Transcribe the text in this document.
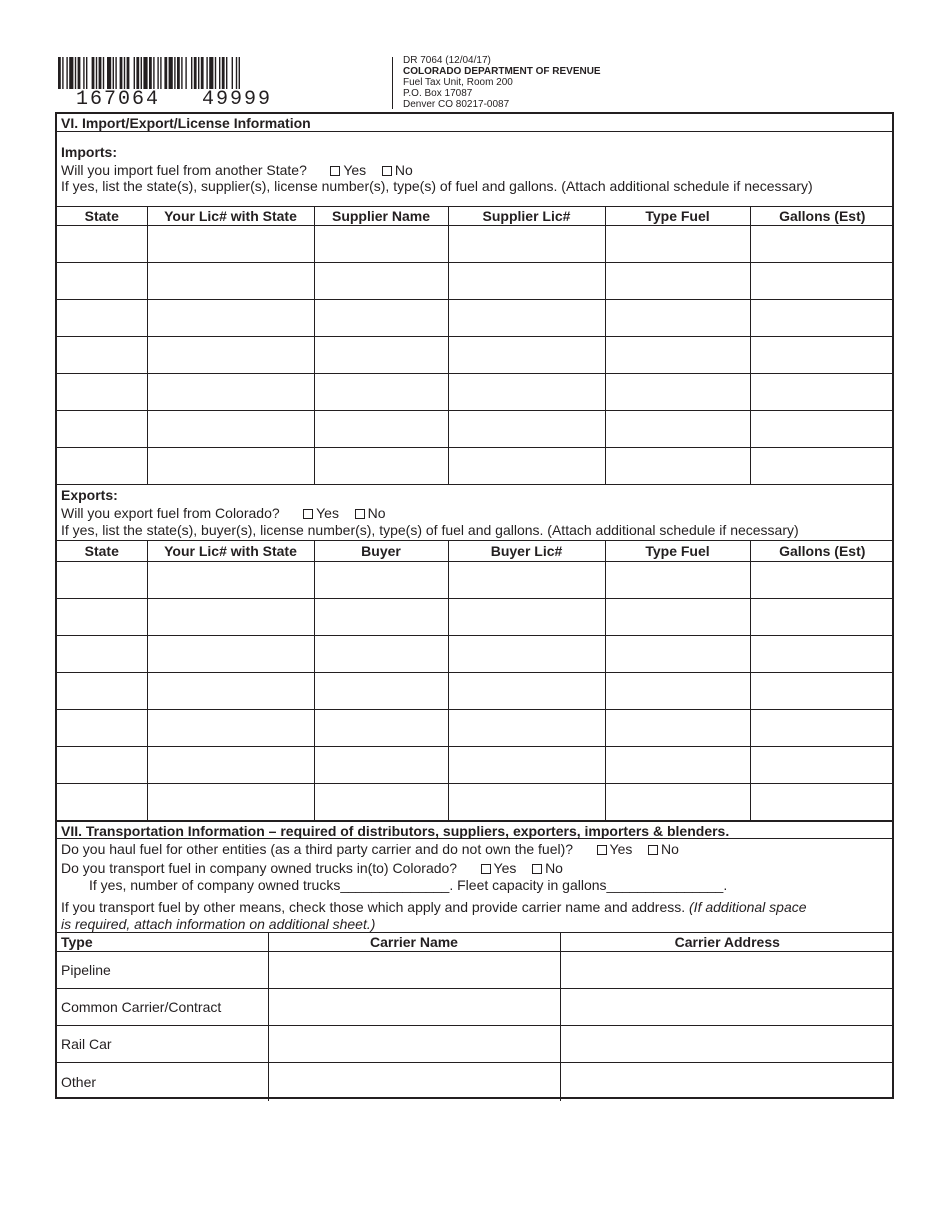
167064   49999
DR 7064 (12/04/17)
COLORADO DEPARTMENT OF REVENUE
Fuel Tax Unit, Room 200
P.O. Box 17087
Denver CO 80217-0087
VI. Import/Export/License Information
Imports:
Will you import fuel from another State?	Yes No
If yes, list the state(s), supplier(s), license number(s), type(s) of fuel and gallons. (Attach additional schedule if necessary)
State	Your Lic# with State	Supplier Name	Supplier Lic#	Type Fuel	Gallons (Est)

Exports:
Will you export fuel from Colorado?	Yes No
If yes, list the state(s), buyer(s), license number(s), type(s) of fuel and gallons. (Attach additional schedule if necessary)
State	Your Lic# with State	Buyer	Buyer Lic#	Type Fuel	Gallons (Est)

VII. Transportation Information – required of distributors, suppliers, exporters, importers & blenders.
Do you haul fuel for other entities (as a third party carrier and do not own the fuel)?	Yes No
Do you transport fuel in company owned trucks in(to) Colorado?	Yes No
If yes, number of company owned trucks______________. Fleet capacity in gallons_______________.
If you transport fuel by other means, check those which apply and provide carrier name and address. (If additional space
is required, attach information on additional sheet.)
Type	Carrier Name	Carrier Address
Pipeline		
Common Carrier/Contract		
Rail Car		
Other		
